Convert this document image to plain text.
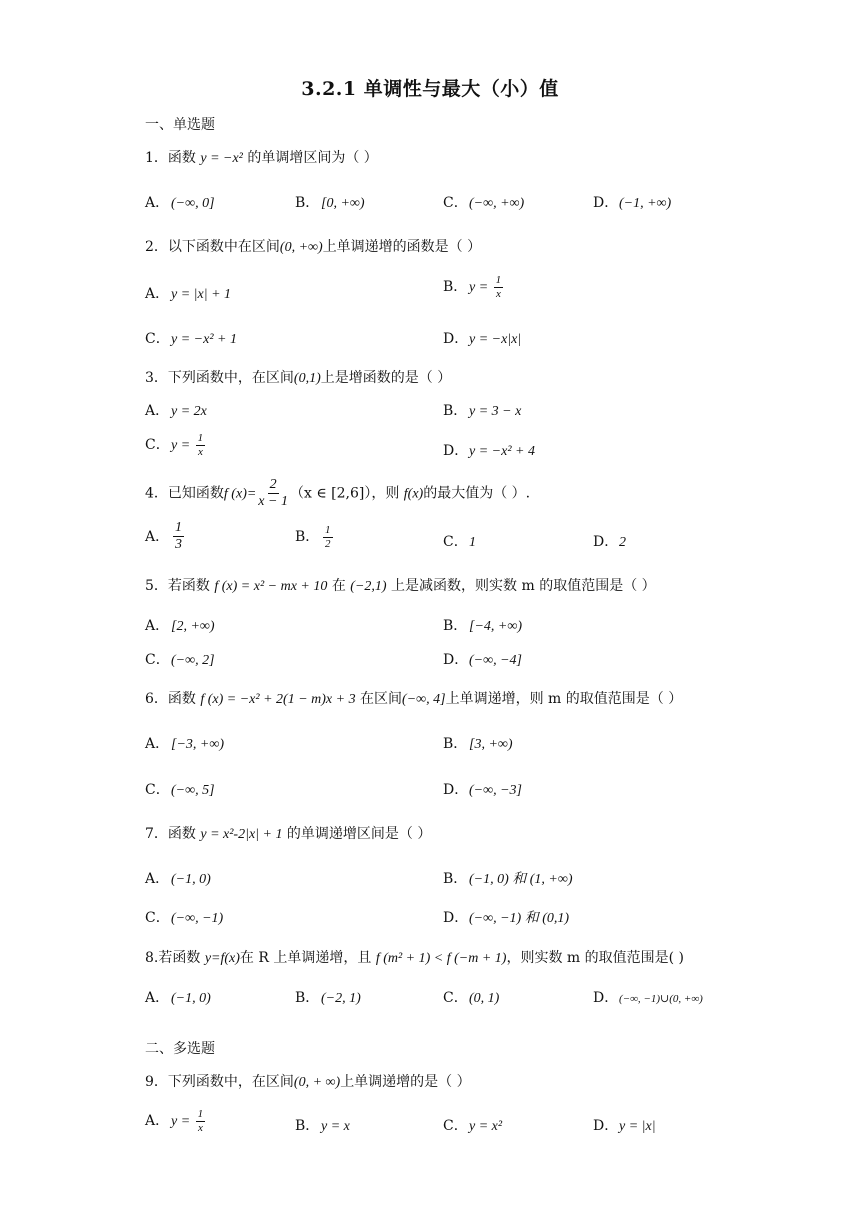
3.2.1 单调性与最大（小）值
一、单选题
1．函数 y = −x² 的单调增区间为（ ）
A． (−∞, 0]	B． [0, +∞)	C．(−∞, +∞)	D．(−1, +∞)
2．以下函数中在区间(0, +∞)上单调递增的函数是（ ）
A． y = |x| + 1	B． $y = \frac{1}{x}$
C．y = −x² + 1	D．y = −x|x|
3．下列函数中，在区间(0,1)上是增函数的是（ ）
A． y = 2x	B． y = 3 − x
C．$y = \frac{1}{x}$	D．y = −x² + 4
4．已知函数f $(x)= \frac{2}{x - 1} (x$ ∈ [2,6]），则 f(x)的最大值为（ ）.
A． $\frac{1}{3}$	B． $\frac{1}{2}$	C．1	D．2
5．若函数 f (x) = x² − mx + 10 在 (−2,1) 上是减函数，则实数 m 的取值范围是（ ）
A． [2, +∞)	B． [−4, +∞)
C．(−∞, 2]	D．(−∞, −4]
6．函数 f (x) = −x² + 2(1 − m)x + 3 在区间(−∞, 4]上单调递增，则 m 的取值范围是（ ）
A． [−3, +∞)	B． [3, +∞)
C．(−∞, 5]	D．(−∞, −3]
7．函数 y = x²-2|x| + 1 的单调递增区间是（ ）
A． (−1, 0)	B． (−1, 0) 和 (1, +∞)
C．(−∞, −1)	D．(−∞, −1) 和 (0,1)
8.若函数 y=f(x)在 R 上单调递增，且 f (m² + 1) < f (−m + 1)，则实数 m 的取值范围是( )
A． (−1, 0)	B． (−2, 1)	C．(0, 1)	D．(−∞, −1)∪(0, +∞)
二、多选题
9．下列函数中，在区间(0, + ∞)上单调递增的是（ ）
A． $y = \frac{1}{x}$	B． y = x	C．y = x²	D．y = |x|
